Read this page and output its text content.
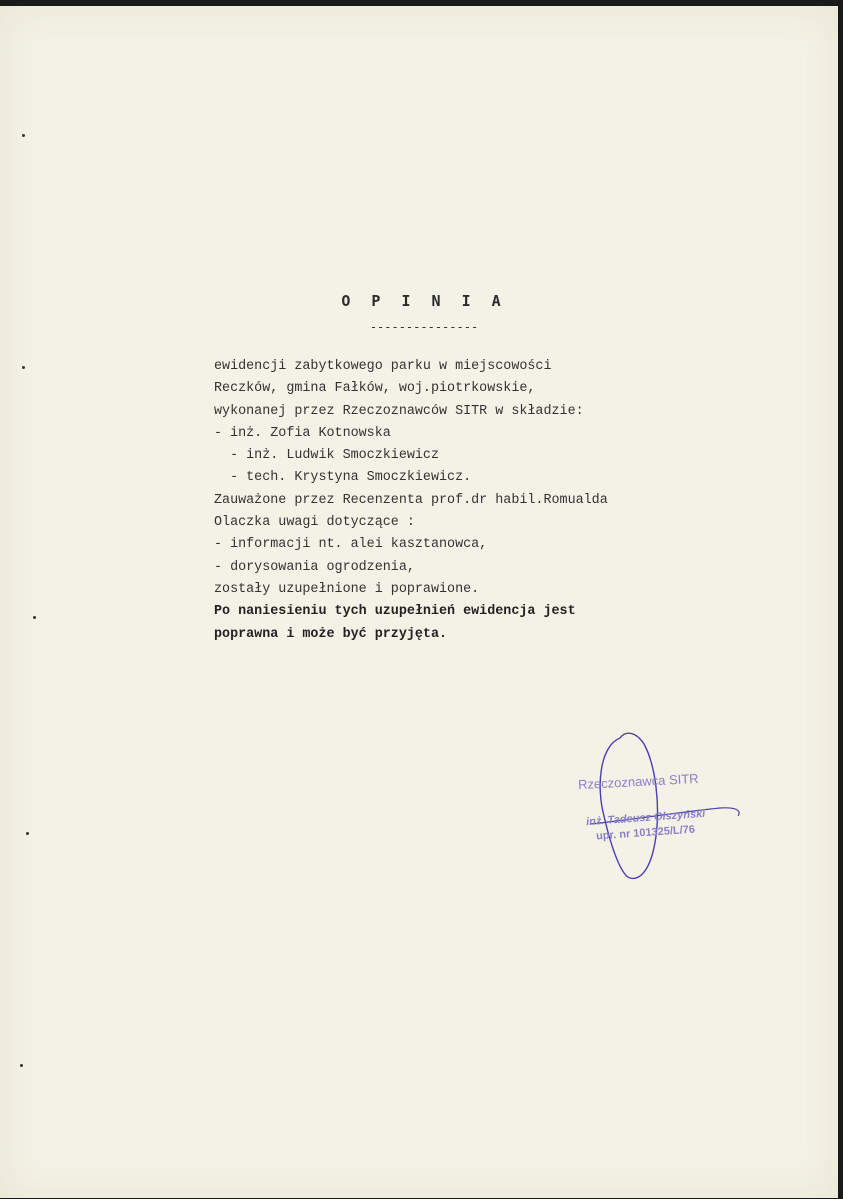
O P I N I A
---------------
ewidencji zabytkowego parku w miejscowości
Reczków, gmina Fałków, woj.piotrkowskie,
wykonanej przez Rzeczoznawców SITR w składzie:
- inż. Zofia Kotnowska
- inż. Ludwik Smoczkiewicz
- tech. Krystyna Smoczkiewicz.
Zauważone przez Recenzenta prof.dr habil.Romualda
Olaczka uwagi dotyczące :
- informacji nt. alei kasztanowca,
- dorysowania ogrodzenia,
zostały uzupełnione i poprawione.
Po naniesieniu tych uzupełnień ewidencja jest
poprawna i może być przyjęta.
Rzeczoznawca SITR
inż. Tadeusz Olszyński
upr. nr 101325/L/76
